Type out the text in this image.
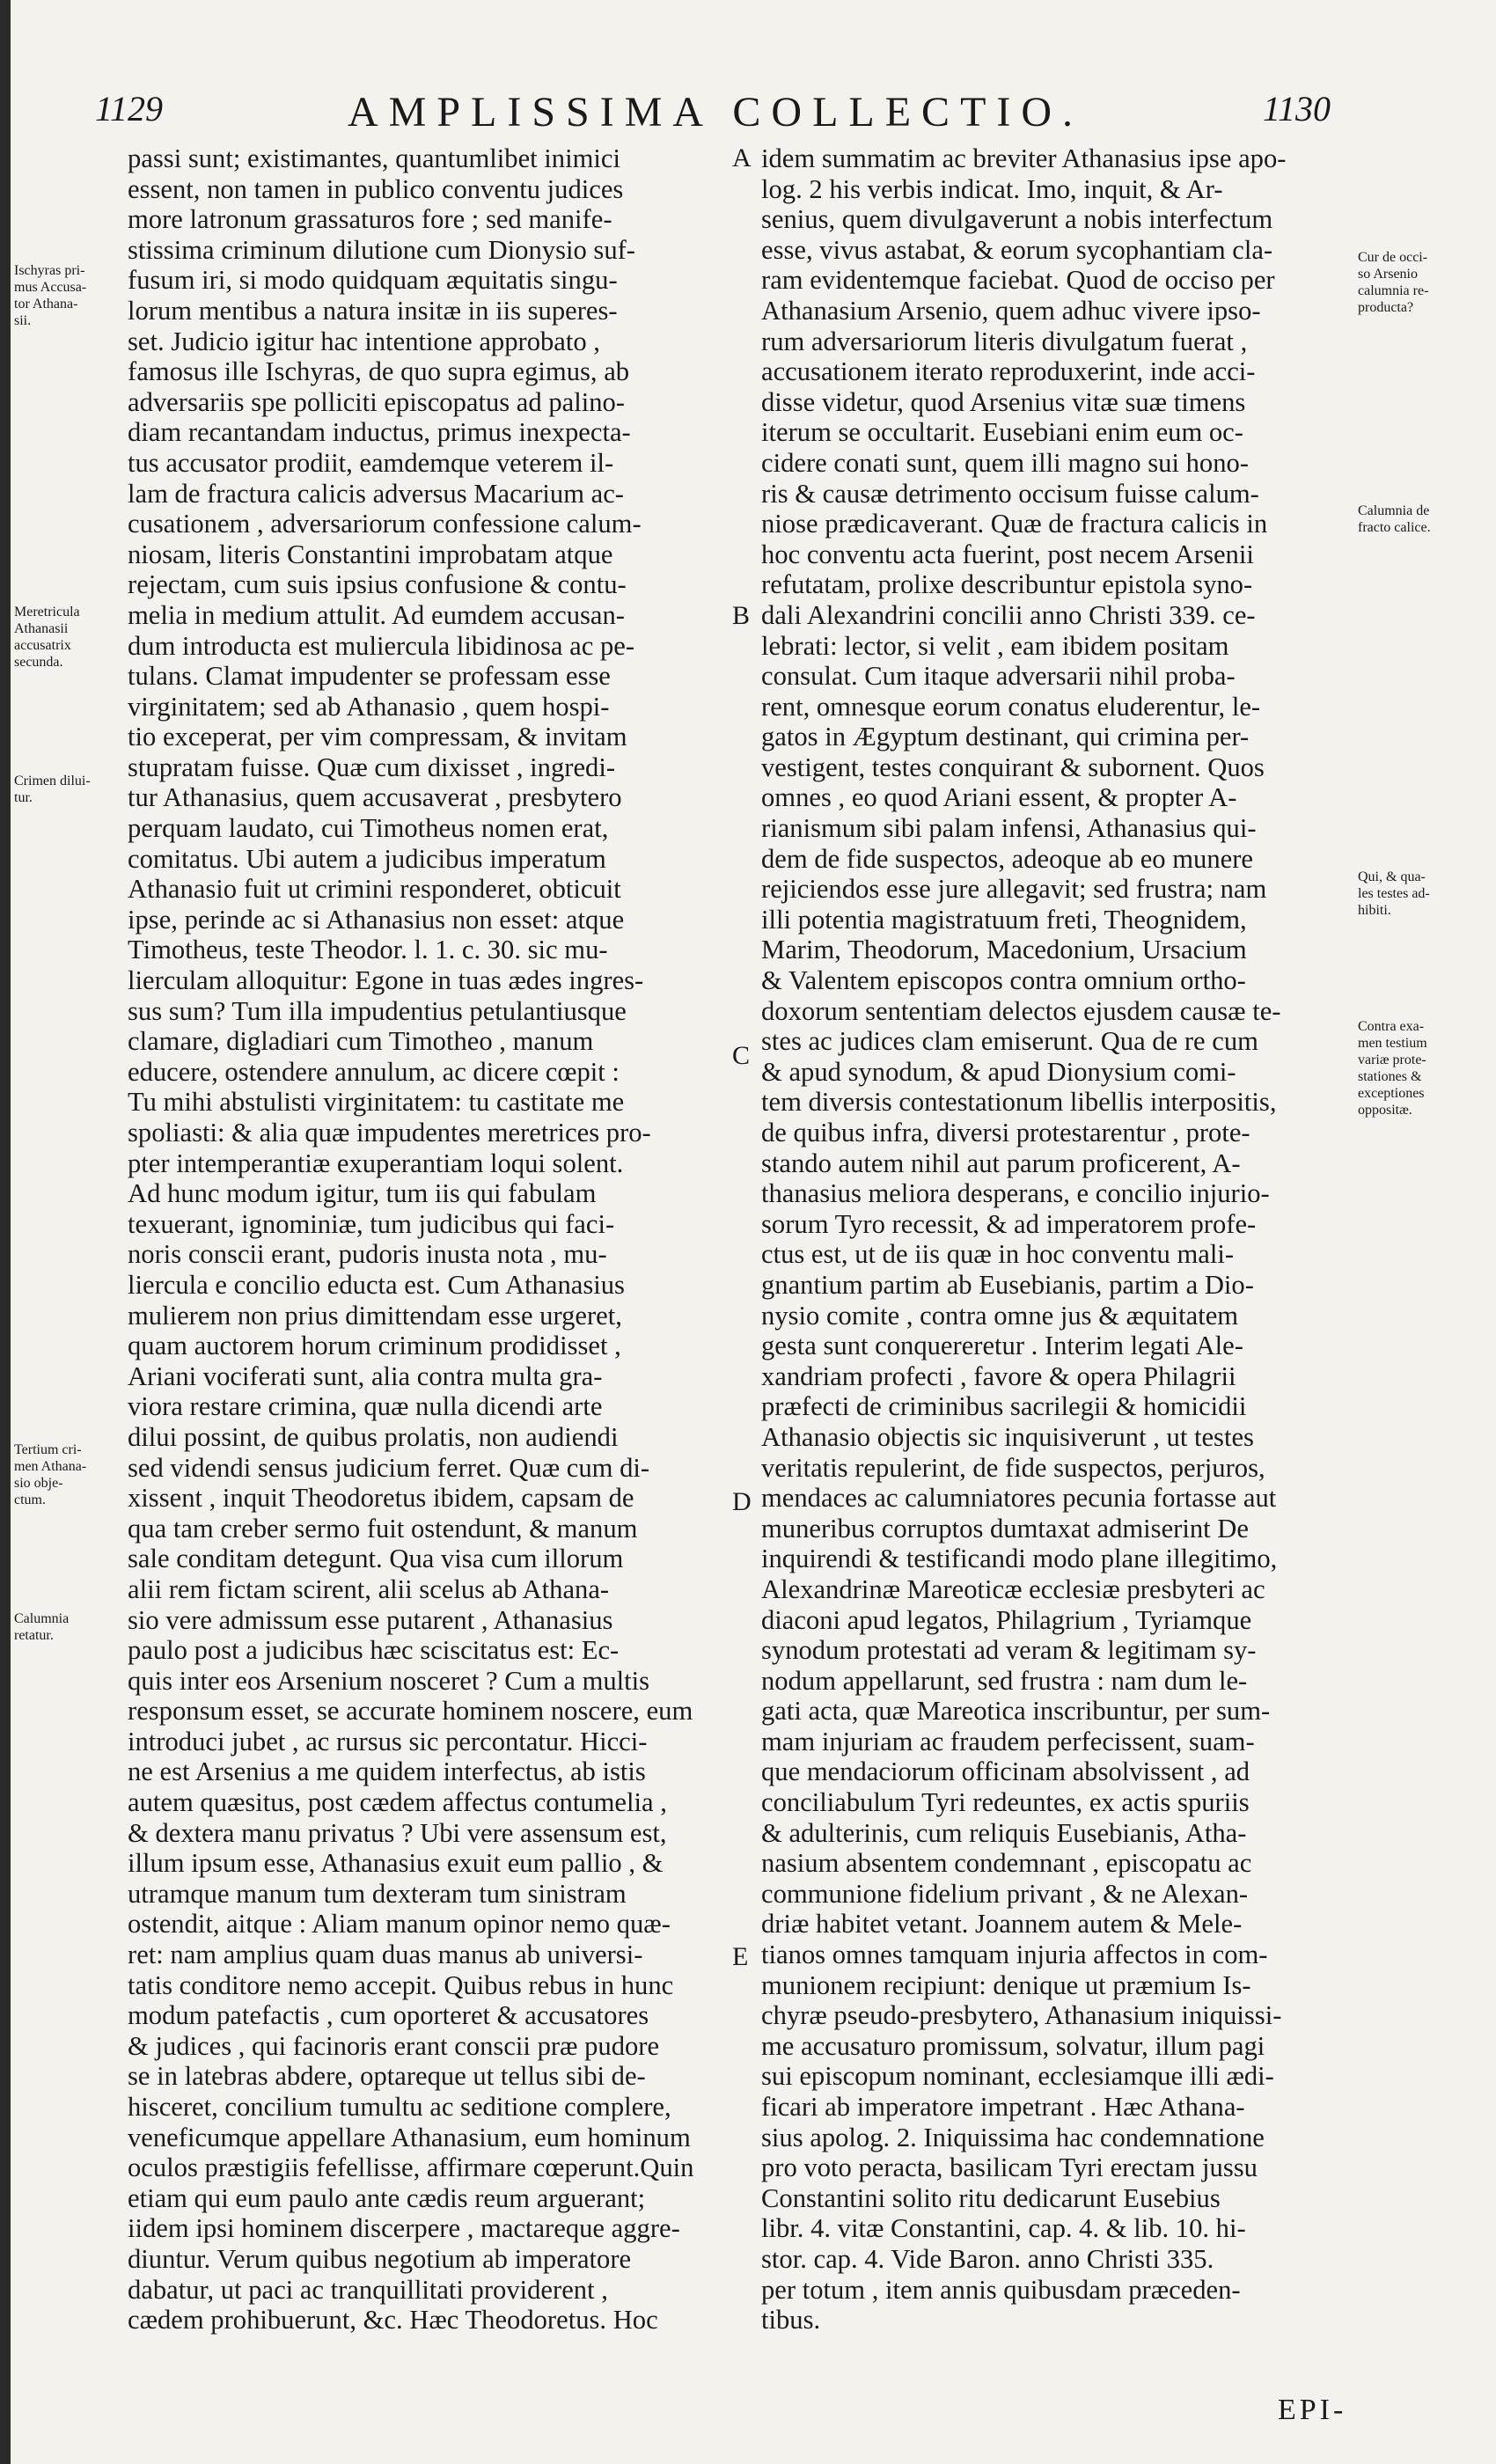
1129	AMPLISSIMA COLLECTIO.	1130

passi sunt; existimantes, quantumlibet inimici
essent, non tamen in publico conventu judices
more latronum grassaturos fore ; sed manife-
stissima criminum dilutione cum Dionysio suf-
fusum iri, si modo quidquam æquitatis singu-
lorum mentibus a natura insitæ in iis superes-
set. Judicio igitur hac intentione approbato ,
famosus ille Ischyras, de quo supra egimus, ab
adversariis spe polliciti episcopatus ad palino-
diam recantandam inductus, primus inexpecta-
tus accusator prodiit, eamdemque veterem il-
lam de fractura calicis adversus Macarium ac-
cusationem , adversariorum confessione calum-
niosam, literis Constantini improbatam atque
rejectam, cum suis ipsius confusione & contu-
melia in medium attulit. Ad eumdem accusan-
dum introducta est muliercula libidinosa ac pe-
tulans. Clamat impudenter se professam esse
virginitatem; sed ab Athanasio , quem hospi-
tio exceperat, per vim compressam, & invitam
stupratam fuisse. Quæ cum dixisset , ingredi-
tur Athanasius, quem accusaverat , presbytero
perquam laudato, cui Timotheus nomen erat,
comitatus. Ubi autem a judicibus imperatum
Athanasio fuit ut crimini responderet, obticuit
ipse, perinde ac si Athanasius non esset: atque
Timotheus, teste Theodor. l. 1. c. 30. sic mu-
lierculam alloquitur: Egone in tuas ædes ingres-
sus sum? Tum illa impudentius petulantiusque
clamare, digladiari cum Timotheo , manum
educere, ostendere annulum, ac dicere cœpit :
Tu mihi abstulisti virginitatem: tu castitate me
spoliasti: & alia quæ impudentes meretrices pro-
pter intemperantiæ exuperantiam loqui solent.
Ad hunc modum igitur, tum iis qui fabulam
texuerant, ignominiæ, tum judicibus qui faci-
noris conscii erant, pudoris inusta nota , mu-
liercula e concilio educta est. Cum Athanasius
mulierem non prius dimittendam esse urgeret,
quam auctorem horum criminum prodidisset ,
Ariani vociferati sunt, alia contra multa gra-
viora restare crimina, quæ nulla dicendi arte
dilui possint, de quibus prolatis, non audiendi
sed videndi sensus judicium ferret. Quæ cum di-
xissent , inquit Theodoretus ibidem, capsam de
qua tam creber sermo fuit ostendunt, & manum
sale conditam detegunt. Qua visa cum illorum
alii rem fictam scirent, alii scelus ab Athana-
sio vere admissum esse putarent , Athanasius
paulo post a judicibus hæc sciscitatus est: Ec-
quis inter eos Arsenium nosceret ? Cum a multis
responsum esset, se accurate hominem noscere, eum
introduci jubet , ac rursus sic percontatur. Hicci-
ne est Arsenius a me quidem interfectus, ab istis
autem quæsitus, post cædem affectus contumelia ,
& dextera manu privatus ? Ubi vere assensum est,
illum ipsum esse, Athanasius exuit eum pallio , &
utramque manum tum dexteram tum sinistram
ostendit, aitque : Aliam manum opinor nemo quæ-
ret: nam amplius quam duas manus ab universi-
tatis conditore nemo accepit. Quibus rebus in hunc
modum patefactis , cum oporteret & accusatores
& judices , qui facinoris erant conscii præ pudore
se in latebras abdere, optareque ut tellus sibi de-
hisceret, concilium tumultu ac seditione complere,
veneficumque appellare Athanasium, eum hominum
oculos præstigiis fefellisse, affirmare cœperunt.Quin
etiam qui eum paulo ante cædis reum arguerant;
iidem ipsi hominem discerpere , mactareque aggre-
diuntur. Verum quibus negotium ab imperatore
dabatur, ut paci ac tranquillitati providerent ,
cædem prohibuerunt, &c. Hæc Theodoretus. Hoc

idem summatim ac breviter Athanasius ipse apo-
log. 2 his verbis indicat. Imo, inquit, & Ar-
senius, quem divulgaverunt a nobis interfectum
esse, vivus astabat, & eorum sycophantiam cla-
ram evidentemque faciebat. Quod de occiso per
Athanasium Arsenio, quem adhuc vivere ipso-
rum adversariorum literis divulgatum fuerat ,
accusationem iterato reproduxerint, inde acci-
disse videtur, quod Arsenius vitæ suæ timens
iterum se occultarit. Eusebiani enim eum oc-
cidere conati sunt, quem illi magno sui hono-
ris & causæ detrimento occisum fuisse calum-
niose prædicaverant. Quæ de fractura calicis in
hoc conventu acta fuerint, post necem Arsenii
refutatam, prolixe describuntur epistola syno-
dali Alexandrini concilii anno Christi 339. ce-
lebrati: lector, si velit , eam ibidem positam
consulat. Cum itaque adversarii nihil proba-
rent, omnesque eorum conatus eluderentur, le-
gatos in Ægyptum destinant, qui crimina per-
vestigent, testes conquirant & subornent. Quos
omnes , eo quod Ariani essent, & propter A-
rianismum sibi palam infensi, Athanasius qui-
dem de fide suspectos, adeoque ab eo munere
rejiciendos esse jure allegavit; sed frustra; nam
illi potentia magistratuum freti, Theognidem,
Marim, Theodorum, Macedonium, Ursacium
& Valentem episcopos contra omnium ortho-
doxorum sententiam delectos ejusdem causæ te-
stes ac judices clam emiserunt. Qua de re cum
& apud synodum, & apud Dionysium comi-
tem diversis contestationum libellis interpositis,
de quibus infra, diversi protestarentur , prote-
stando autem nihil aut parum proficerent, A-
thanasius meliora desperans, e concilio injurio-
sorum Tyro recessit, & ad imperatorem profe-
ctus est, ut de iis quæ in hoc conventu mali-
gnantium partim ab Eusebianis, partim a Dio-
nysio comite , contra omne jus & æquitatem
gesta sunt conquereretur . Interim legati Ale-
xandriam profecti , favore & opera Philagrii
præfecti de criminibus sacrilegii & homicidii
Athanasio objectis sic inquisiverunt , ut testes
veritatis repulerint, de fide suspectos, perjuros,
mendaces ac calumniatores pecunia fortasse aut
muneribus corruptos dumtaxat admiserint De
inquirendi & testificandi modo plane illegitimo,
Alexandrinæ Mareoticæ ecclesiæ presbyteri ac
diaconi apud legatos, Philagrium , Tyriamque
synodum protestati ad veram & legitimam sy-
nodum appellarunt, sed frustra : nam dum le-
gati acta, quæ Mareotica inscribuntur, per sum-
mam injuriam ac fraudem perfecissent, suam-
que mendaciorum officinam absolvissent , ad
conciliabulum Tyri redeuntes, ex actis spuriis
& adulterinis, cum reliquis Eusebianis, Atha-
nasium absentem condemnant , episcopatu ac
communione fidelium privant , & ne Alexan-
driæ habitet vetant. Joannem autem & Mele-
tianos omnes tamquam injuria affectos in com-
munionem recipiunt: denique ut præmium Is-
chyræ pseudo-presbytero, Athanasium iniquissi-
me accusaturo promissum, solvatur, illum pagi
sui episcopum nominant, ecclesiamque illi ædi-
ficari ab imperatore impetrant . Hæc Athana-
sius apolog. 2. Iniquissima hac condemnatione
pro voto peracta, basilicam Tyri erectam jussu
Constantini solito ritu dedicarunt Eusebius
libr. 4. vitæ Constantini, cap. 4. & lib. 10. hi-
stor. cap. 4. Vide Baron. anno Christi 335.
per totum , item annis quibusdam præceden-
tibus.

A
B
C
D
E

Ischyras pri-
mus Accusa-
tor Athana-
sii.

Meretricula
Athanasii
accusatrix
secunda.

Crimen dilui-
tur.

Tertium cri-
men Athana-
sio obje-
ctum.

Calumnia
retatur.

Cur de occi-
so Arsenio
calumnia re-
producta?

Calumnia de
fracto calice.

Qui, & qua-
les testes ad-
hibiti.

Contra exa-
men testium
variæ prote-
stationes &
exceptiones
oppositæ.

EPI-
